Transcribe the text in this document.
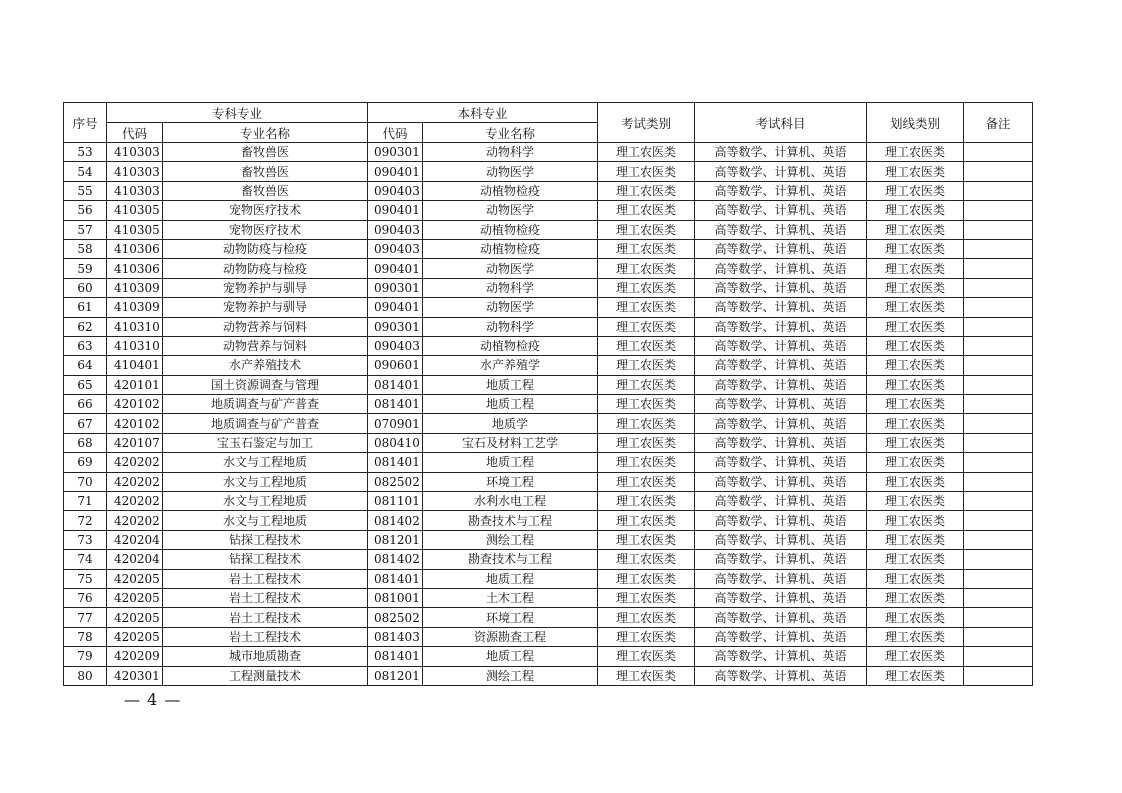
序号	专科专业		本科专业		考试类别	考试科目	划线类别	备注
	代码	专业名称	代码	专业名称				
53	410303	畜牧兽医	090301	动物科学	理工农医类	高等数学、计算机、英语	理工农医类	
54	410303	畜牧兽医	090401	动物医学	理工农医类	高等数学、计算机、英语	理工农医类	
55	410303	畜牧兽医	090403	动植物检疫	理工农医类	高等数学、计算机、英语	理工农医类	
56	410305	宠物医疗技术	090401	动物医学	理工农医类	高等数学、计算机、英语	理工农医类	
57	410305	宠物医疗技术	090403	动植物检疫	理工农医类	高等数学、计算机、英语	理工农医类	
58	410306	动物防疫与检疫	090403	动植物检疫	理工农医类	高等数学、计算机、英语	理工农医类	
59	410306	动物防疫与检疫	090401	动物医学	理工农医类	高等数学、计算机、英语	理工农医类	
60	410309	宠物养护与驯导	090301	动物科学	理工农医类	高等数学、计算机、英语	理工农医类	
61	410309	宠物养护与驯导	090401	动物医学	理工农医类	高等数学、计算机、英语	理工农医类	
62	410310	动物营养与饲料	090301	动物科学	理工农医类	高等数学、计算机、英语	理工农医类	
63	410310	动物营养与饲料	090403	动植物检疫	理工农医类	高等数学、计算机、英语	理工农医类	
64	410401	水产养殖技术	090601	水产养殖学	理工农医类	高等数学、计算机、英语	理工农医类	
65	420101	国土资源调查与管理	081401	地质工程	理工农医类	高等数学、计算机、英语	理工农医类	
66	420102	地质调查与矿产普查	081401	地质工程	理工农医类	高等数学、计算机、英语	理工农医类	
67	420102	地质调查与矿产普查	070901	地质学	理工农医类	高等数学、计算机、英语	理工农医类	
68	420107	宝玉石鉴定与加工	080410	宝石及材料工艺学	理工农医类	高等数学、计算机、英语	理工农医类	
69	420202	水文与工程地质	081401	地质工程	理工农医类	高等数学、计算机、英语	理工农医类	
70	420202	水文与工程地质	082502	环境工程	理工农医类	高等数学、计算机、英语	理工农医类	
71	420202	水文与工程地质	081101	水利水电工程	理工农医类	高等数学、计算机、英语	理工农医类	
72	420202	水文与工程地质	081402	勘查技术与工程	理工农医类	高等数学、计算机、英语	理工农医类	
73	420204	钻探工程技术	081201	测绘工程	理工农医类	高等数学、计算机、英语	理工农医类	
74	420204	钻探工程技术	081402	勘查技术与工程	理工农医类	高等数学、计算机、英语	理工农医类	
75	420205	岩土工程技术	081401	地质工程	理工农医类	高等数学、计算机、英语	理工农医类	
76	420205	岩土工程技术	081001	土木工程	理工农医类	高等数学、计算机、英语	理工农医类	
77	420205	岩土工程技术	082502	环境工程	理工农医类	高等数学、计算机、英语	理工农医类	
78	420205	岩土工程技术	081403	资源勘查工程	理工农医类	高等数学、计算机、英语	理工农医类	
79	420209	城市地质勘查	081401	地质工程	理工农医类	高等数学、计算机、英语	理工农医类	
80	420301	工程测量技术	081201	测绘工程	理工农医类	高等数学、计算机、英语	理工农医类	
— 4 —
